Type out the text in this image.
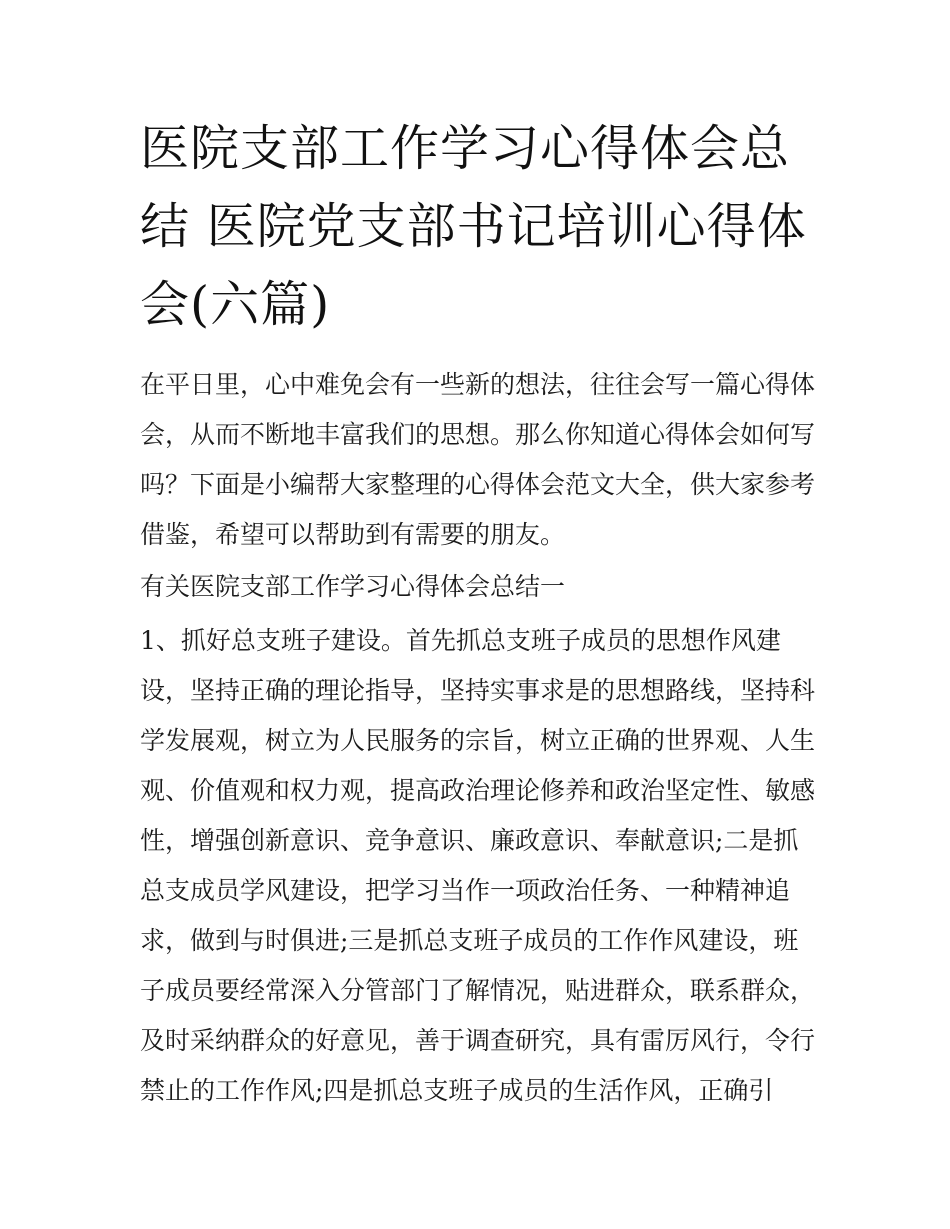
医院支部工作学习心得体会总
结 医院党支部书记培训心得体
会(六篇)

在平日里，心中难免会有一些新的想法，往往会写一篇心得体
会，从而不断地丰富我们的思想。那么你知道心得体会如何写
吗？下面是小编帮大家整理的心得体会范文大全，供大家参考
借鉴，希望可以帮助到有需要的朋友。

有关医院支部工作学习心得体会总结一

1、抓好总支班子建设。首先抓总支班子成员的思想作风建
设，坚持正确的理论指导，坚持实事求是的思想路线，坚持科
学发展观，树立为人民服务的宗旨，树立正确的世界观、人生
观、价值观和权力观，提高政治理论修养和政治坚定性、敏感
性，增强创新意识、竞争意识、廉政意识、奉献意识;二是抓
总支成员学风建设，把学习当作一项政治任务、一种精神追
求，做到与时俱进;三是抓总支班子成员的工作作风建设，班
子成员要经常深入分管部门了解情况，贴进群众，联系群众，
及时采纳群众的好意见，善于调查研究，具有雷厉风行，令行
禁止的工作作风;四是抓总支班子成员的生活作风，正确引
